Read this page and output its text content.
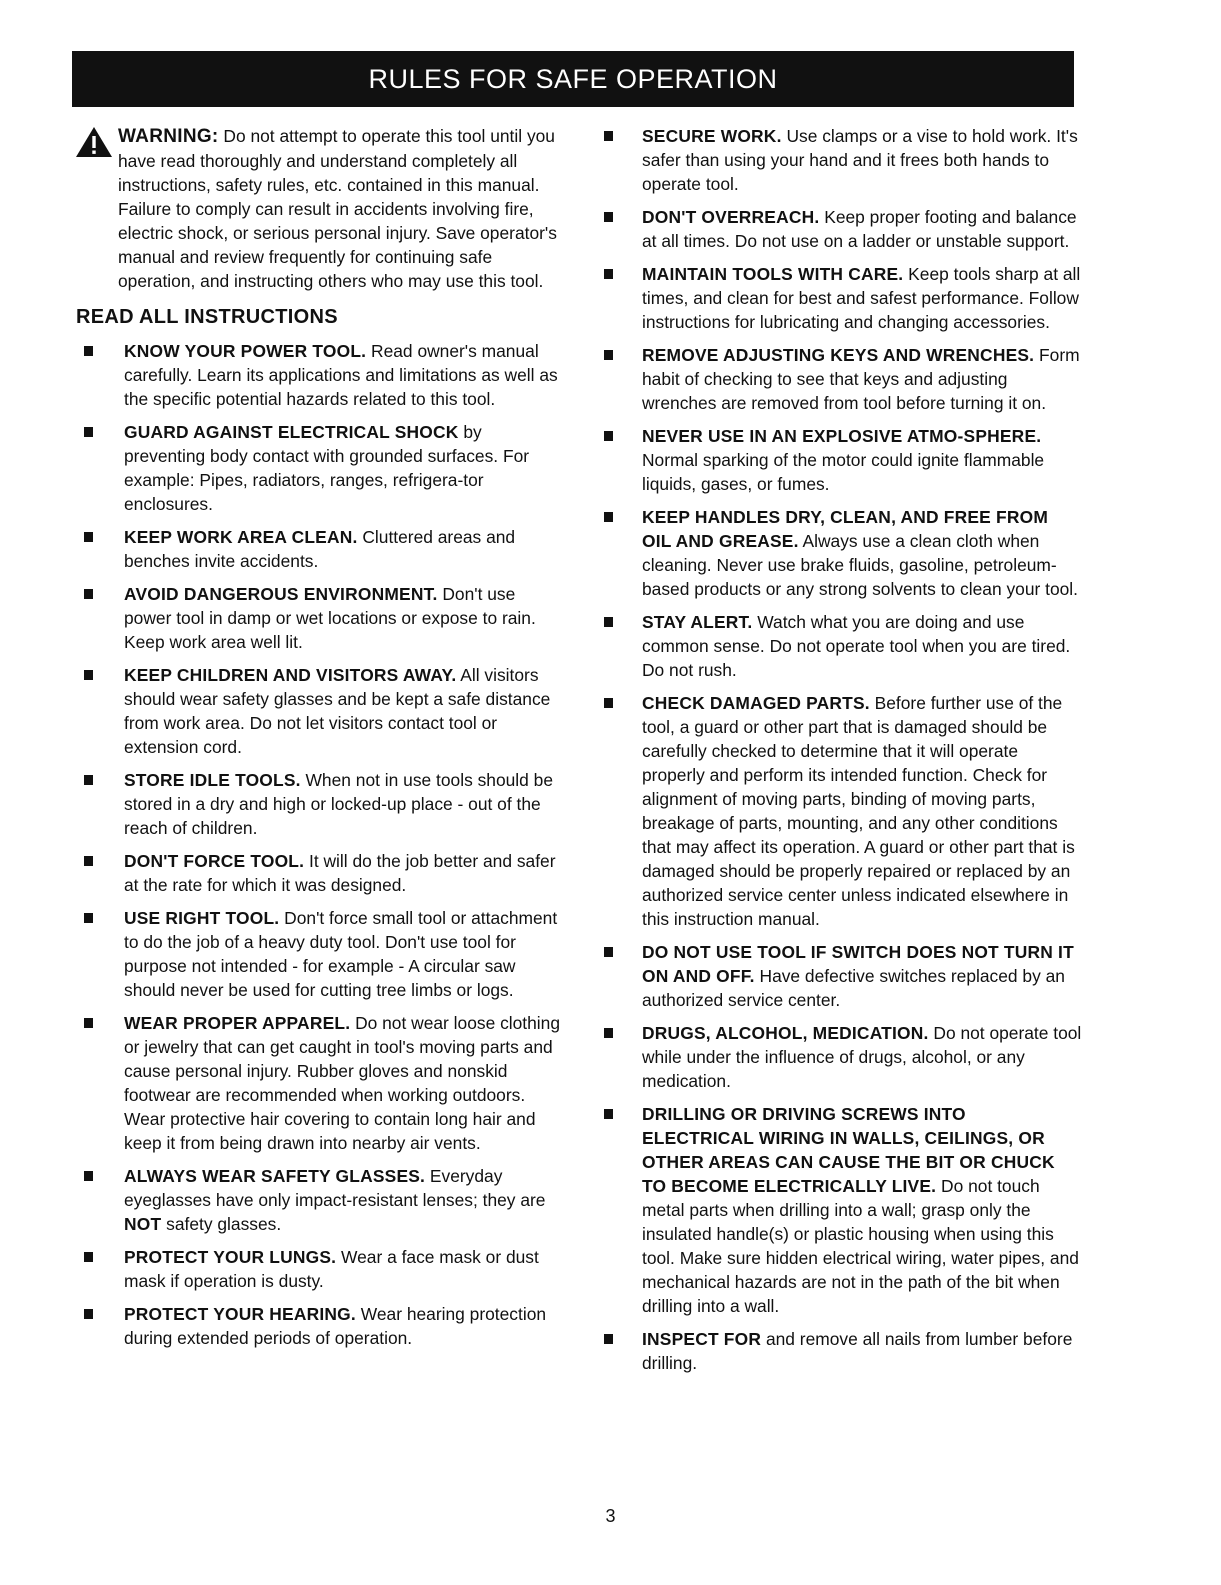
RULES FOR SAFE OPERATION
WARNING: Do not attempt to operate this tool until you have read thoroughly and understand completely all instructions, safety rules, etc. contained in this manual. Failure to comply can result in accidents involving fire, electric shock, or serious personal injury. Save operator's manual and review frequently for continuing safe operation, and instructing others who may use this tool.
READ ALL INSTRUCTIONS
KNOW YOUR POWER TOOL. Read owner's manual carefully. Learn its applications and limitations as well as the specific potential hazards related to this tool.
GUARD AGAINST ELECTRICAL SHOCK by preventing body contact with grounded surfaces. For example: Pipes, radiators, ranges, refrigera-tor enclosures.
KEEP WORK AREA CLEAN. Cluttered areas and benches invite accidents.
AVOID DANGEROUS ENVIRONMENT. Don't use power tool in damp or wet locations or expose to rain. Keep work area well lit.
KEEP CHILDREN AND VISITORS AWAY. All visitors should wear safety glasses and be kept a safe distance from work area. Do not let visitors contact tool or extension cord.
STORE IDLE TOOLS. When not in use tools should be stored in a dry and high or locked-up place - out of the reach of children.
DON'T FORCE TOOL. It will do the job better and safer at the rate for which it was designed.
USE RIGHT TOOL. Don't force small tool or attachment to do the job of a heavy duty tool. Don't use tool for purpose not intended - for example - A circular saw should never be used for cutting tree limbs or logs.
WEAR PROPER APPAREL. Do not wear loose clothing or jewelry that can get caught in tool's moving parts and cause personal injury. Rubber gloves and nonskid footwear are recommended when working outdoors. Wear protective hair covering to contain long hair and keep it from being drawn into nearby air vents.
ALWAYS WEAR SAFETY GLASSES. Everyday eyeglasses have only impact-resistant lenses; they are NOT safety glasses.
PROTECT YOUR LUNGS. Wear a face mask or dust mask if operation is dusty.
PROTECT YOUR HEARING. Wear hearing protection during extended periods of operation.
SECURE WORK. Use clamps or a vise to hold work. It's safer than using your hand and it frees both hands to operate tool.
DON'T OVERREACH. Keep proper footing and balance at all times. Do not use on a ladder or unstable support.
MAINTAIN TOOLS WITH CARE. Keep tools sharp at all times, and clean for best and safest performance. Follow instructions for lubricating and changing accessories.
REMOVE ADJUSTING KEYS AND WRENCHES. Form habit of checking to see that keys and adjusting wrenches are removed from tool before turning it on.
NEVER USE IN AN EXPLOSIVE ATMO-SPHERE. Normal sparking of the motor could ignite flammable liquids, gases, or fumes.
KEEP HANDLES DRY, CLEAN, AND FREE FROM OIL AND GREASE. Always use a clean cloth when cleaning. Never use brake fluids, gasoline, petroleum-based products or any strong solvents to clean your tool.
STAY ALERT. Watch what you are doing and use common sense. Do not operate tool when you are tired. Do not rush.
CHECK DAMAGED PARTS. Before further use of the tool, a guard or other part that is damaged should be carefully checked to determine that it will operate properly and perform its intended function. Check for alignment of moving parts, binding of moving parts, breakage of parts, mounting, and any other conditions that may affect its operation. A guard or other part that is damaged should be properly repaired or replaced by an authorized service center unless indicated elsewhere in this instruction manual.
DO NOT USE TOOL IF SWITCH DOES NOT TURN IT ON AND OFF. Have defective switches replaced by an authorized service center.
DRUGS, ALCOHOL, MEDICATION. Do not operate tool while under the influence of drugs, alcohol, or any medication.
DRILLING OR DRIVING SCREWS INTO ELECTRICAL WIRING IN WALLS, CEILINGS, OR OTHER AREAS CAN CAUSE THE BIT OR CHUCK TO BECOME ELECTRICALLY LIVE. Do not touch metal parts when drilling into a wall; grasp only the insulated handle(s) or plastic housing when using this tool. Make sure hidden electrical wiring, water pipes, and mechanical hazards are not in the path of the bit when drilling into a wall.
INSPECT FOR and remove all nails from lumber before drilling.
3
